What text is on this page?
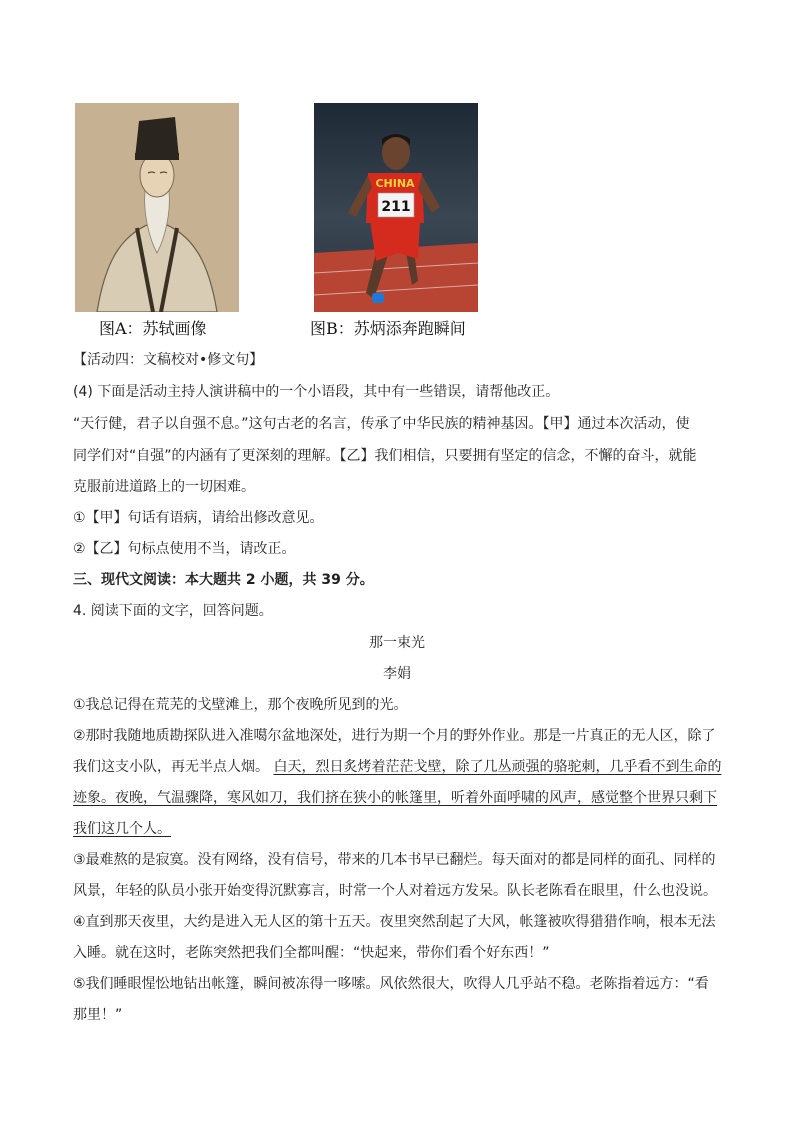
CHINA
211
图A：苏轼画像	图B：苏炳添奔跑瞬间
【活动四：文稿校对•修文句】
(4) 下面是活动主持人演讲稿中的一个小语段，其中有一些错误，请帮他改正。
“天行健，君子以自强不息。”这句古老的名言，传承了中华民族的精神基因。【甲】通过本次活动，使
同学们对“自强”的内涵有了更深刻的理解。【乙】我们相信，只要拥有坚定的信念，不懈的奋斗，就能
克服前进道路上的一切困难。
①【甲】句话有语病，请给出修改意见。
②【乙】句标点使用不当，请改正。
三、现代文阅读：本大题共 2 小题，共 39 分。
4. 阅读下面的文字，回答问题。
那一束光
李娟
①我总记得在荒芜的戈壁滩上，那个夜晚所见到的光。
②那时我随地质勘探队进入准噶尔盆地深处，进行为期一个月的野外作业。那是一片真正的无人区，除了
我们这支小队，再无半点人烟。 白天，烈日炙烤着茫茫戈壁，除了几丛顽强的骆驼刺，几乎看不到生命的
迹象。夜晚，气温骤降，寒风如刀，我们挤在狭小的帐篷里，听着外面呼啸的风声，感觉整个世界只剩下
我们这几个人。
③最难熬的是寂寞。没有网络，没有信号，带来的几本书早已翻烂。每天面对的都是同样的面孔、同样的
风景，年轻的队员小张开始变得沉默寡言，时常一个人对着远方发呆。队长老陈看在眼里，什么也没说。
④直到那天夜里，大约是进入无人区的第十五天。夜里突然刮起了大风，帐篷被吹得猎猎作响，根本无法
入睡。就在这时，老陈突然把我们全都叫醒：“快起来，带你们看个好东西！”
⑤我们睡眼惺忪地钻出帐篷，瞬间被冻得一哆嗦。风依然很大，吹得人几乎站不稳。老陈指着远方：“看
那里！”
